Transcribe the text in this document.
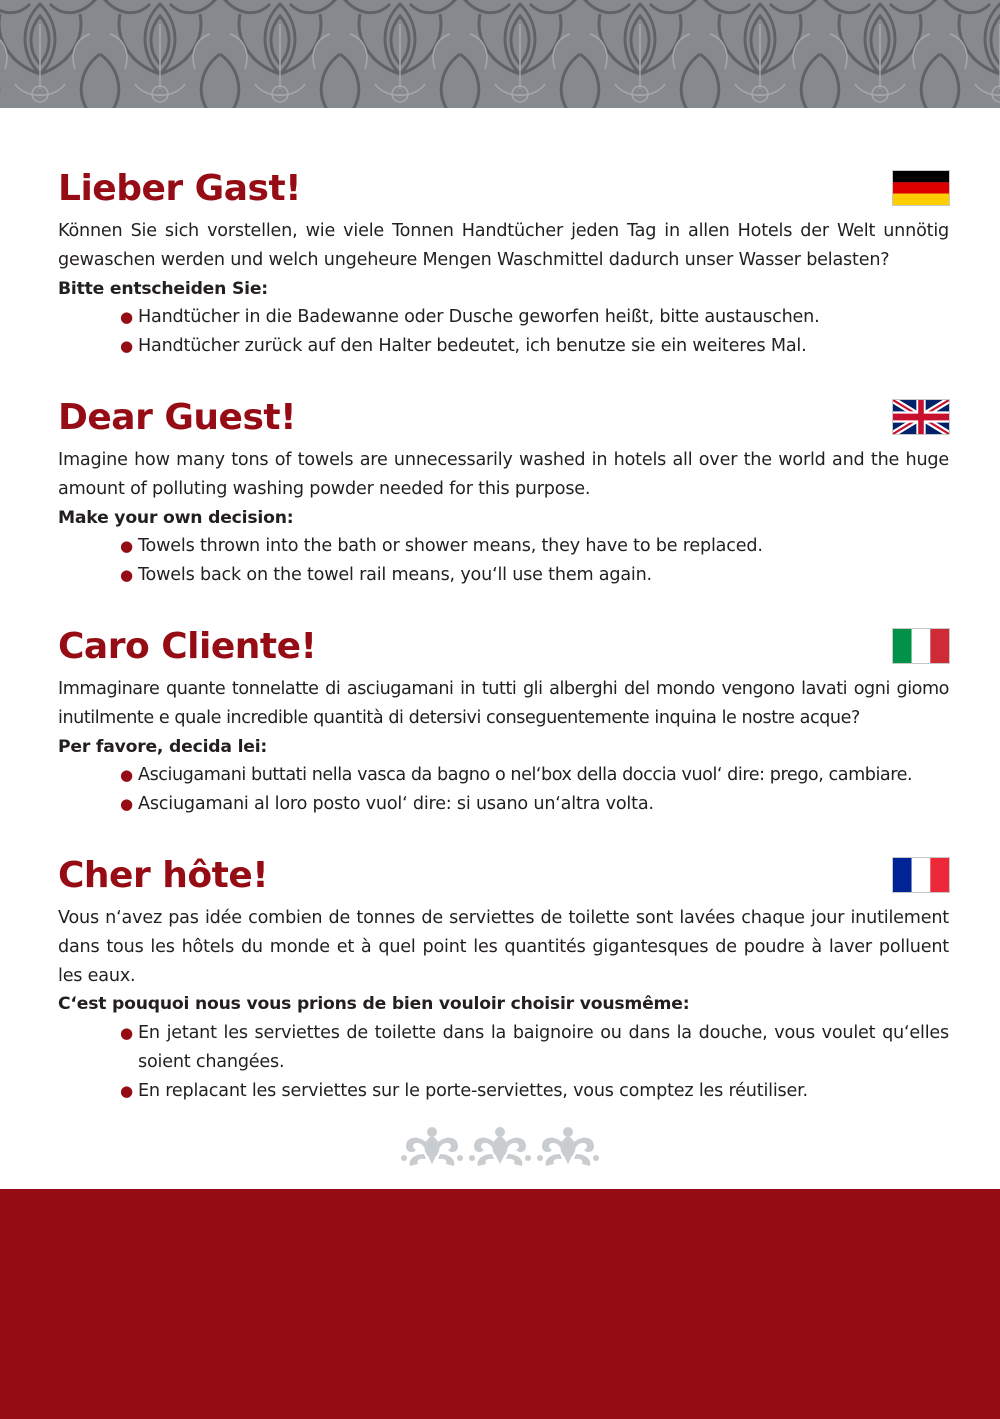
Lieber Gast!

Können Sie sich vorstellen, wie viele Tonnen Handtücher jeden Tag in allen Hotels der Welt unnötig gewaschen werden und welch ungeheure Mengen Waschmittel dadurch unser Wasser belasten?

Bitte entscheiden Sie:

● Handtücher in die Badewanne oder Dusche geworfen heißt, bitte austauschen.
● Handtücher zurück auf den Halter bedeutet, ich benutze sie ein weiteres Mal.
Dear Guest!

Imagine how many tons of towels are unnecessarily washed in hotels all over the world and the huge amount of polluting washing powder needed for this purpose.

Make your own decision:

● Towels thrown into the bath or shower means, they have to be replaced.
● Towels back on the towel rail means, you‘ll use them again.
Caro Cliente!

Immaginare quante tonnelatte di asciugamani in tutti gli alberghi del mondo vengono lavati ogni giomo inutilmente e quale incredible quantità di detersivi conseguentemente inquina le nostre acque?

Per favore, decida lei:

● Asciugamani buttati nella vasca da bagno o nel‘box della doccia vuol‘ dire: prego, cambiare.
● Asciugamani al loro posto vuol‘ dire: si usano un‘altra volta.
Cher hôte!

Vous n‘avez pas idée combien de tonnes de serviettes de toilette sont lavées chaque jour inutilement dans tous les hôtels du monde et à quel point les quantités gigantesques de poudre à laver polluent les eaux.

C‘est pouquoi nous vous prions de bien vouloir choisir vousmême:

● En jetant les serviettes de toilette dans la baignoire ou dans la douche, vous voulet qu‘elles soient changées.
● En replacant les serviettes sur le porte-serviettes, vous comptez les réutiliser.
